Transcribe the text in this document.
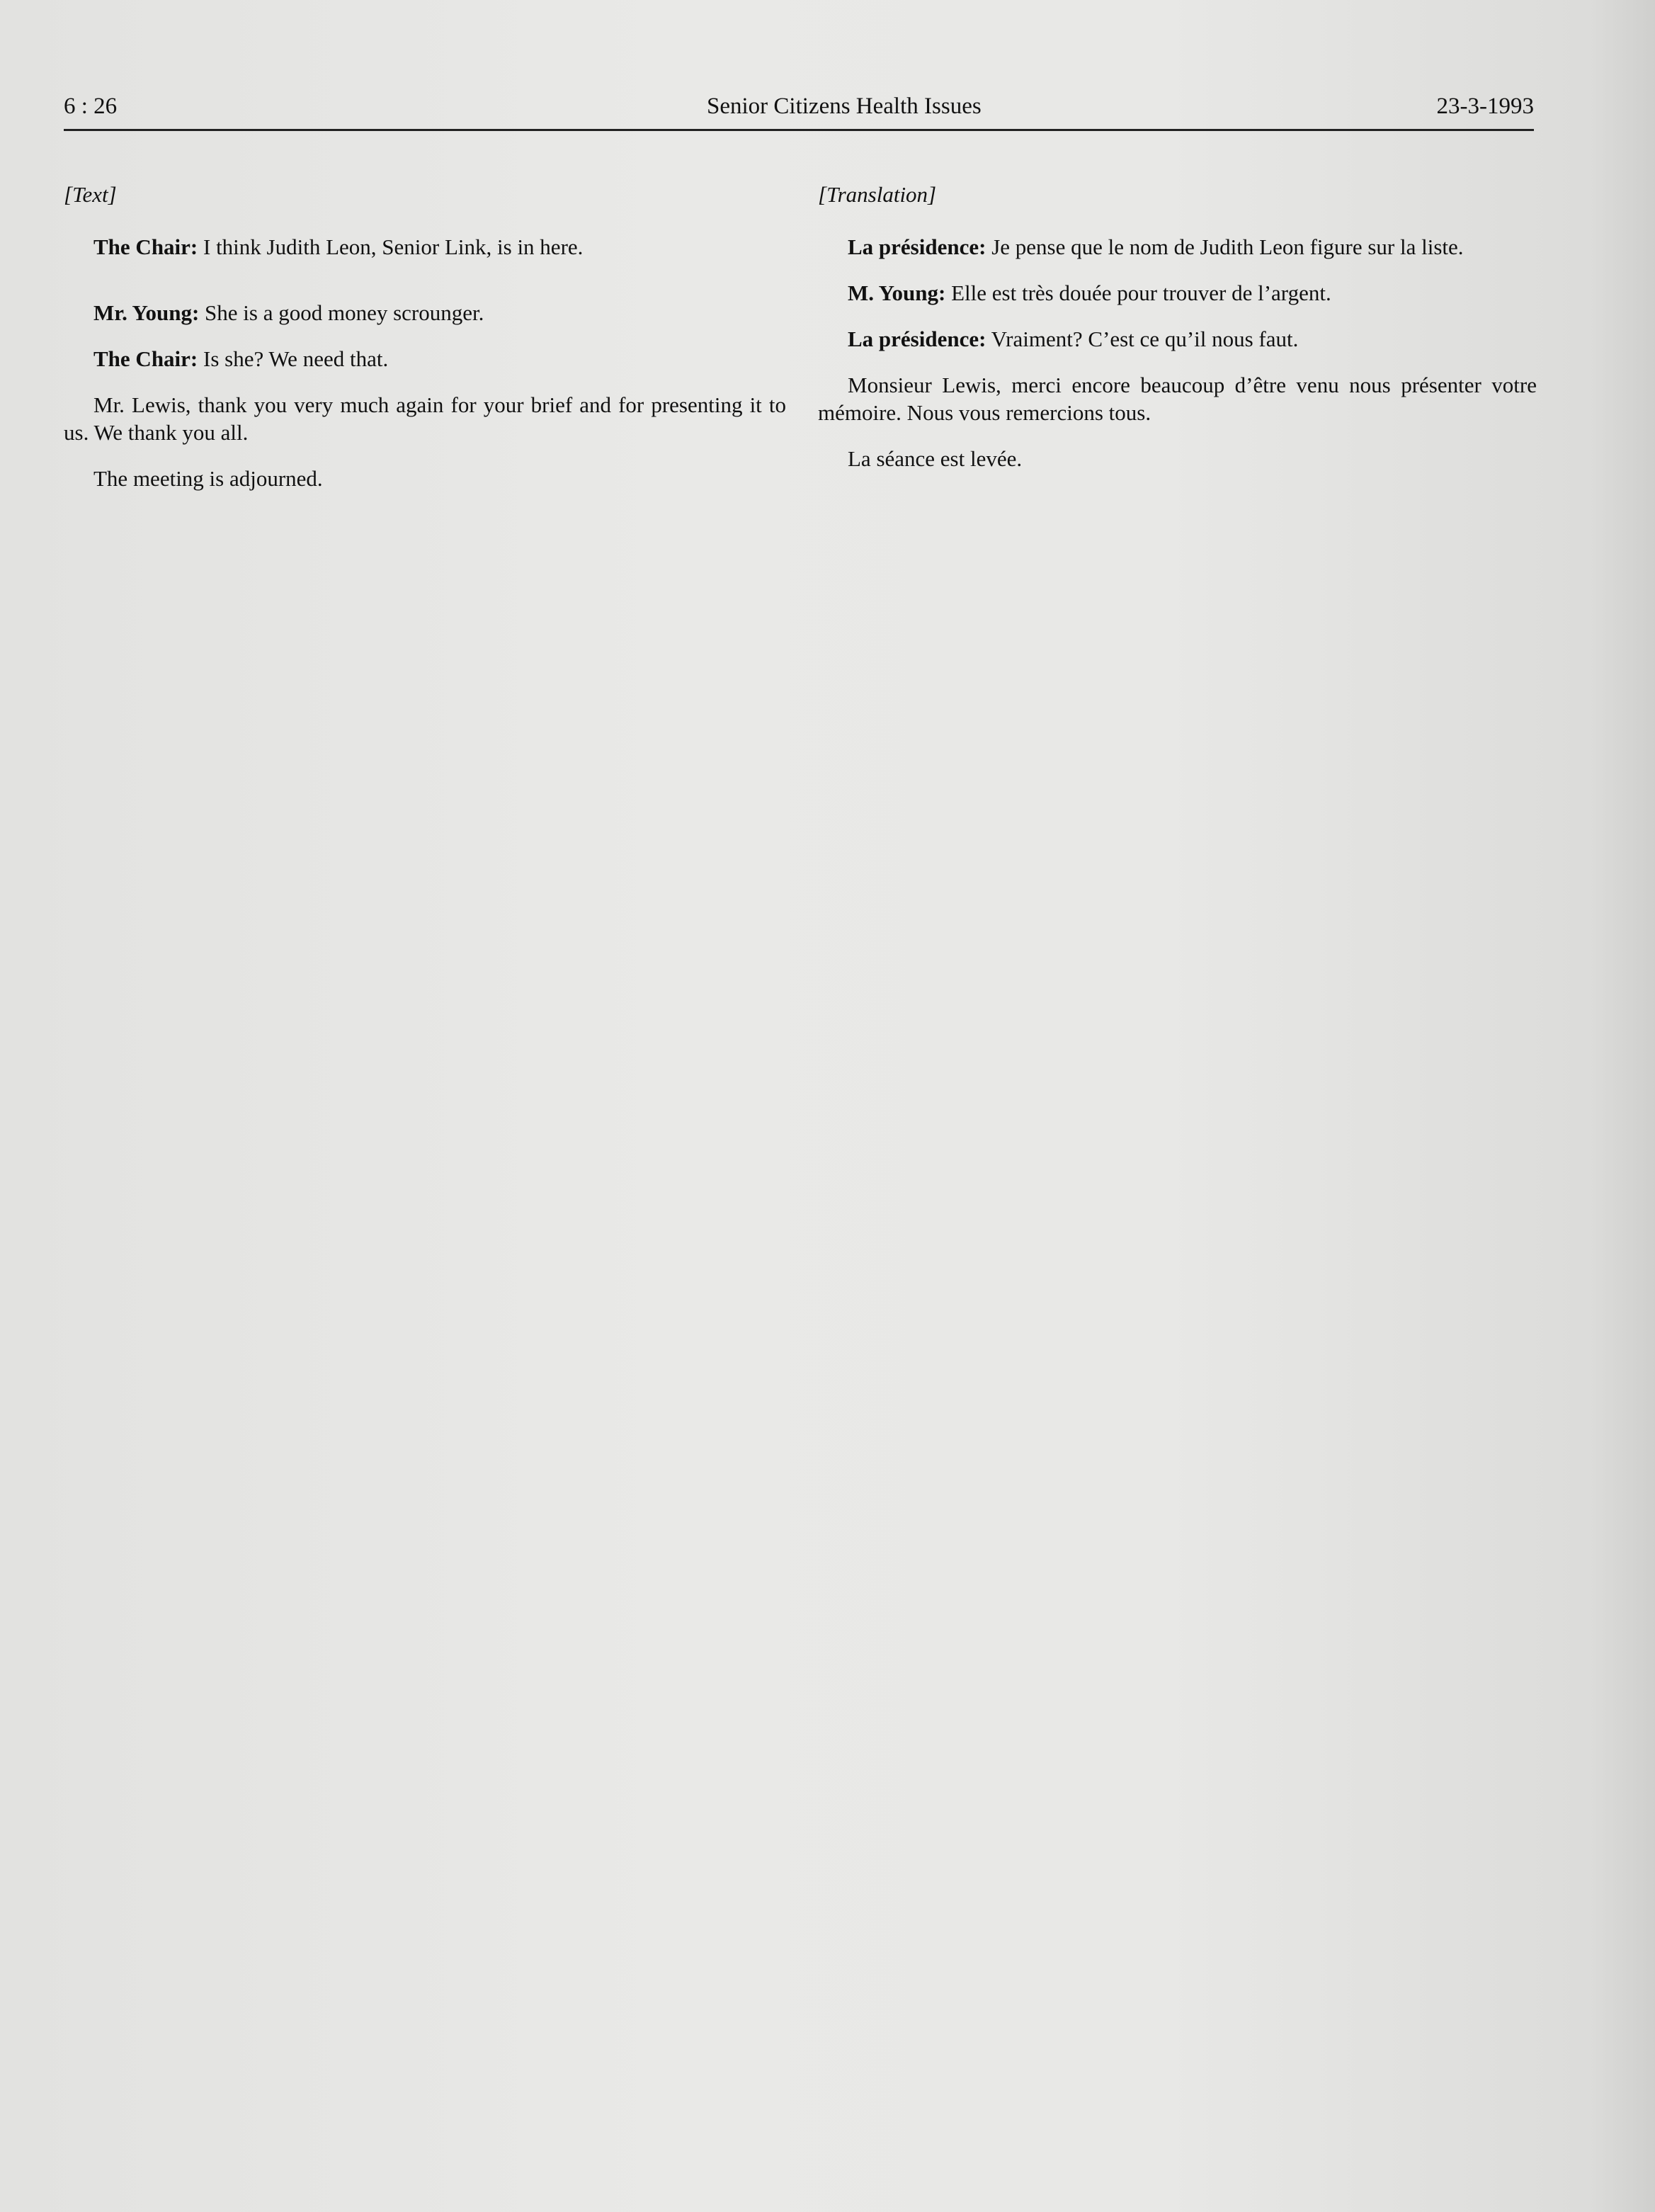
6 : 26	Senior Citizens Health Issues	23-3-1993
[Text]

The Chair: I think Judith Leon, Senior Link, is in here.

Mr. Young: She is a good money scrounger.

The Chair: Is she? We need that.

Mr. Lewis, thank you very much again for your brief and for presenting it to us. We thank you all.

The meeting is adjourned.

[Translation]

La présidence: Je pense que le nom de Judith Leon figure sur la liste.

M. Young: Elle est très douée pour trouver de l’argent.

La présidence: Vraiment? C’est ce qu’il nous faut.

Monsieur Lewis, merci encore beaucoup d’être venu nous présenter votre mémoire. Nous vous remercions tous.

La séance est levée.
